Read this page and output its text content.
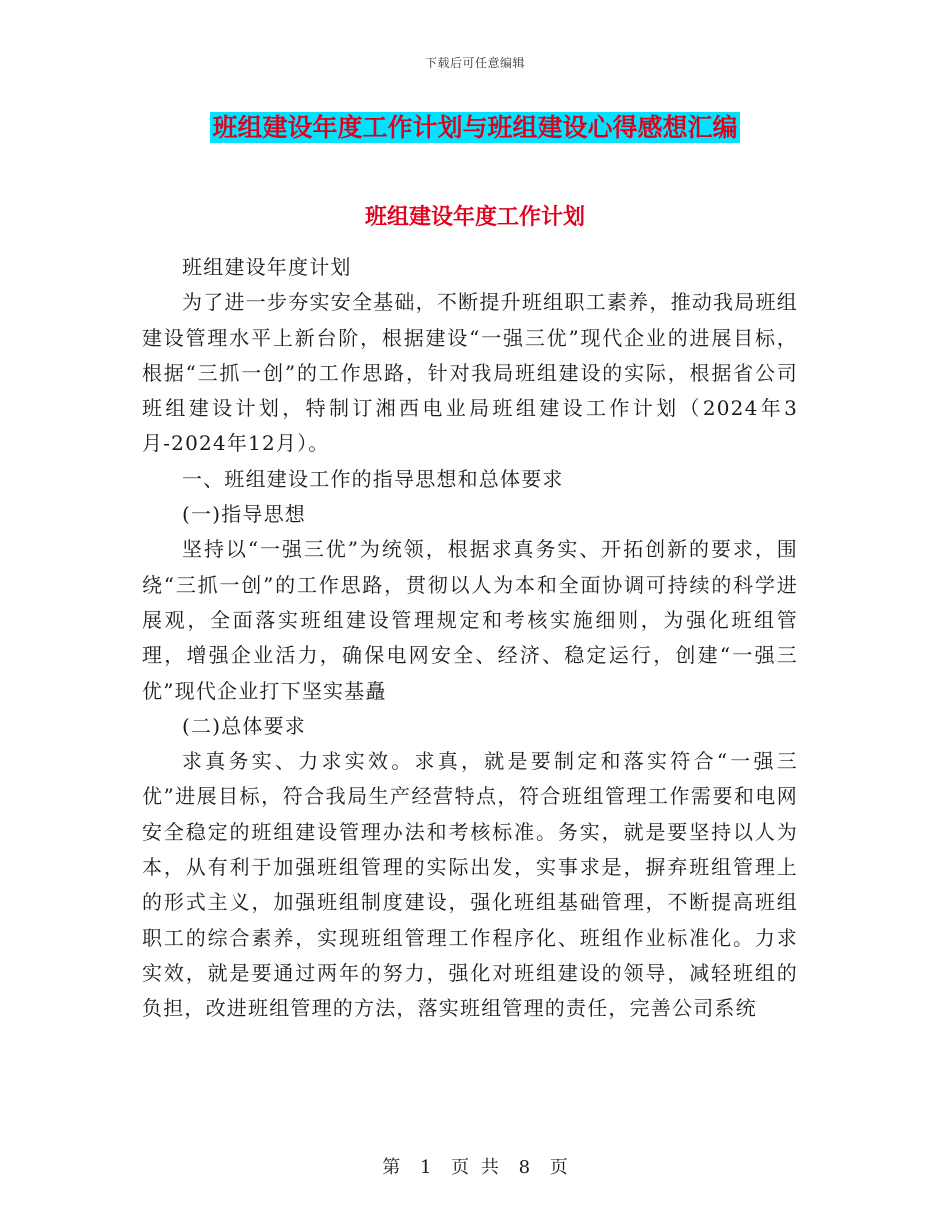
下载后可任意编辑
班组建设年度工作计划与班组建设心得感想汇编
班组建设年度工作计划

班组建设年度计划

为了进一步夯实安全基础，不断提升班组职工素养，推动我局班组建设管理水平上新台阶，根据建设“一强三优”现代企业的进展目标，根据“三抓一创”的工作思路，针对我局班组建设的实际，根据省公司班组建设计划，特制订湘西电业局班组建设工作计划（2024年3月-2024年12月）。

一、班组建设工作的指导思想和总体要求

(一)指导思想

坚持以“一强三优”为统领，根据求真务实、开拓创新的要求，围绕“三抓一创”的工作思路，贯彻以人为本和全面协调可持续的科学进展观，全面落实班组建设管理规定和考核实施细则，为强化班组管理，增强企业活力，确保电网安全、经济、稳定运行，创建“一强三优”现代企业打下坚实基矗

(二)总体要求

求真务实、力求实效。求真，就是要制定和落实符合“一强三优”进展目标，符合我局生产经营特点，符合班组管理工作需要和电网安全稳定的班组建设管理办法和考核标准。务实，就是要坚持以人为本，从有利于加强班组管理的实际出发，实事求是，摒弃班组管理上的形式主义，加强班组制度建设，强化班组基础管理，不断提高班组职工的综合素养，实现班组管理工作程序化、班组作业标准化。力求实效，就是要通过两年的努力，强化对班组建设的领导，减轻班组的负担，改进班组管理的方法，落实班组管理的责任，完善公司系统

第 1 页 共 8 页
